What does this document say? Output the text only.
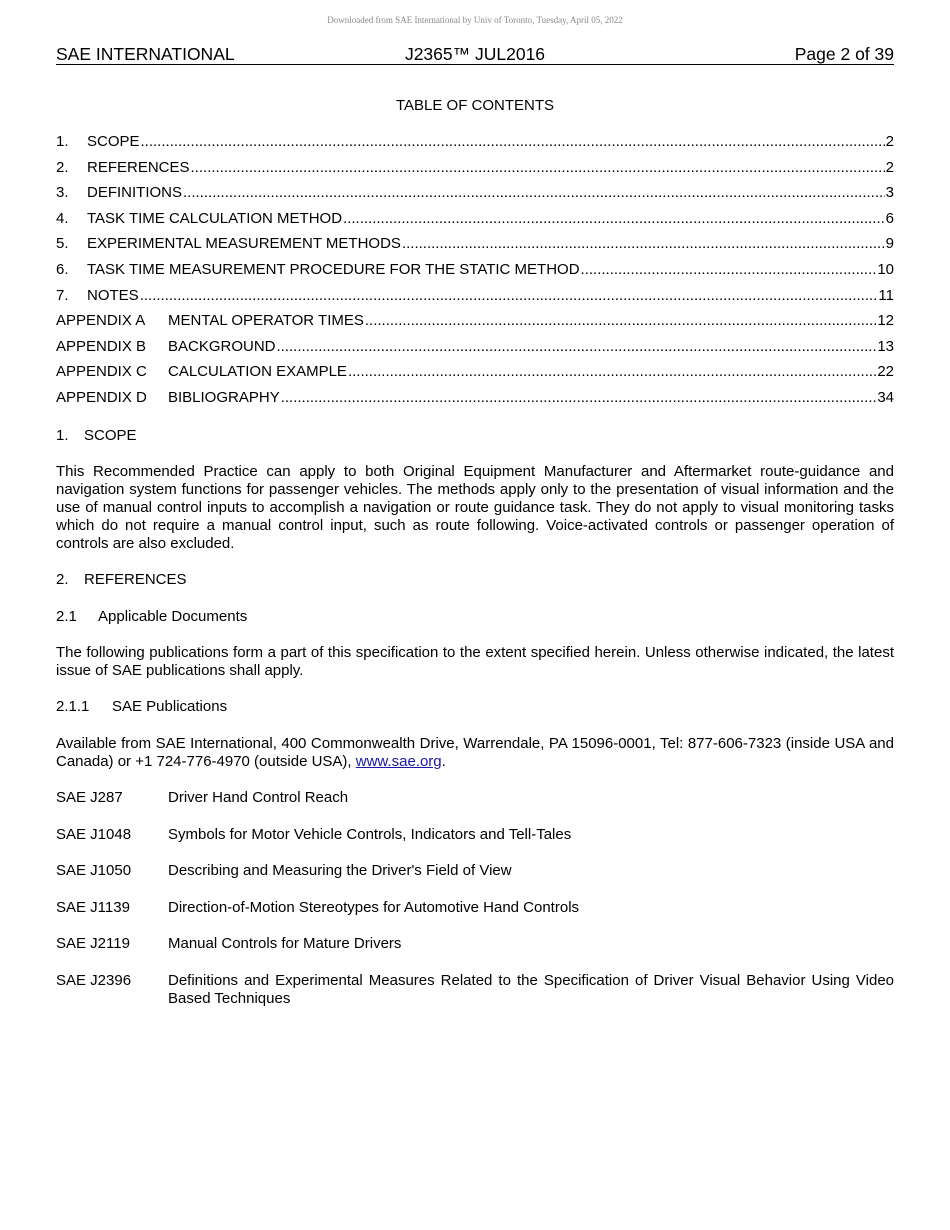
Downloaded from SAE International by Univ of Toronto, Tuesday, April 05, 2022
SAE INTERNATIONAL	J2365™ JUL2016	Page 2 of 39
TABLE OF CONTENTS
1.	SCOPE .....	2
2.	REFERENCES .....	2
3.	DEFINITIONS .....	3
4.	TASK TIME CALCULATION METHOD .....	6
5.	EXPERIMENTAL MEASUREMENT METHODS .....	9
6.	TASK TIME MEASUREMENT PROCEDURE FOR THE STATIC METHOD .....	10
7.	NOTES .....	11
APPENDIX A	MENTAL OPERATOR TIMES .....	12
APPENDIX B	BACKGROUND .....	13
APPENDIX C	CALCULATION EXAMPLE .....	22
APPENDIX D	BIBLIOGRAPHY .....	34
1. SCOPE
This Recommended Practice can apply to both Original Equipment Manufacturer and Aftermarket route-guidance and navigation system functions for passenger vehicles. The methods apply only to the presentation of visual information and the use of manual control inputs to accomplish a navigation or route guidance task. They do not apply to visual monitoring tasks which do not require a manual control input, such as route following. Voice-activated controls or passenger operation of controls are also excluded.
2. REFERENCES
2.1 Applicable Documents
The following publications form a part of this specification to the extent specified herein. Unless otherwise indicated, the latest issue of SAE publications shall apply.
2.1.1 SAE Publications
Available from SAE International, 400 Commonwealth Drive, Warrendale, PA 15096-0001, Tel: 877-606-7323 (inside USA and Canada) or +1 724-776-4970 (outside USA), www.sae.org.
SAE J287	Driver Hand Control Reach
SAE J1048	Symbols for Motor Vehicle Controls, Indicators and Tell-Tales
SAE J1050	Describing and Measuring the Driver's Field of View
SAE J1139	Direction-of-Motion Stereotypes for Automotive Hand Controls
SAE J2119	Manual Controls for Mature Drivers
SAE J2396	Definitions and Experimental Measures Related to the Specification of Driver Visual Behavior Using Video Based Techniques
